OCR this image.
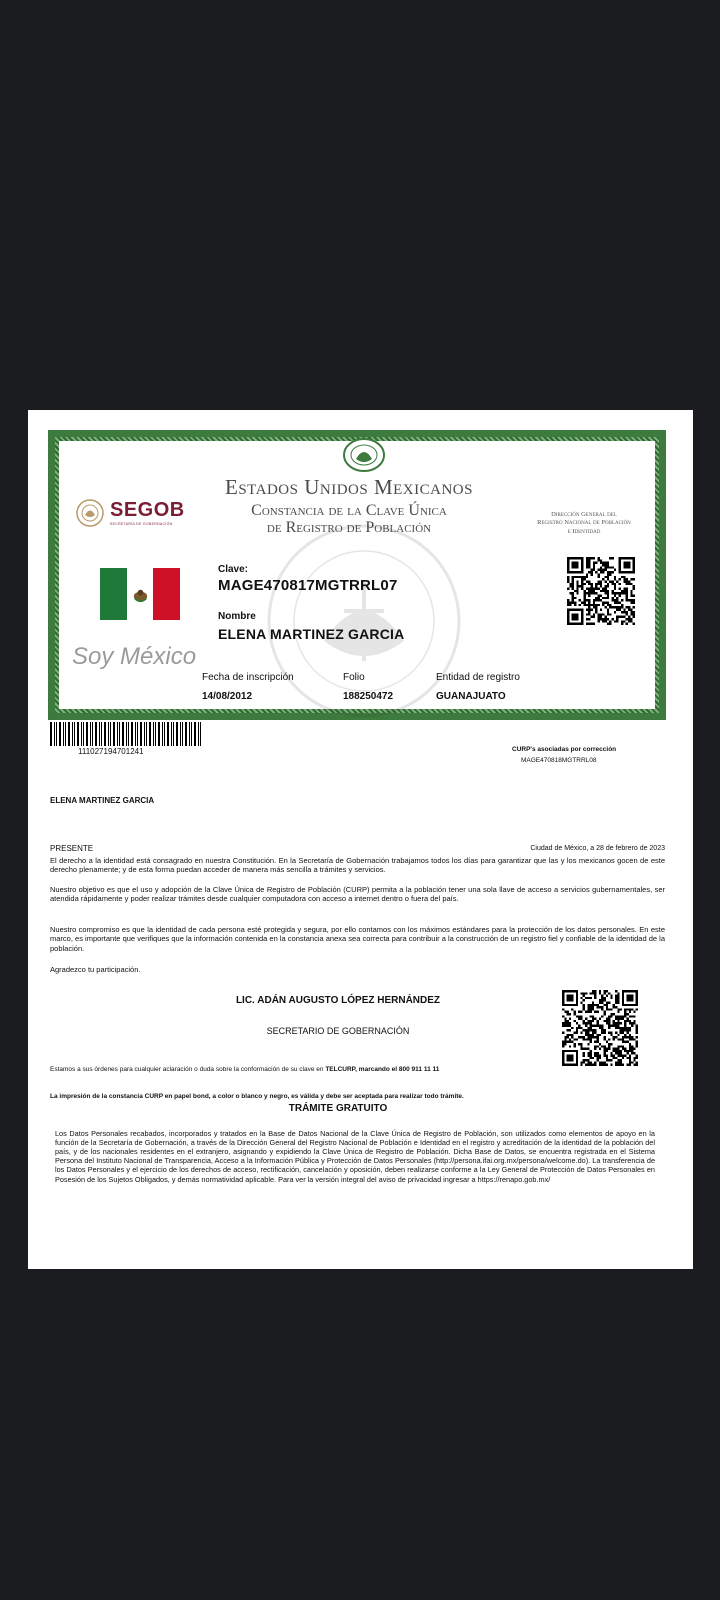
Estados Unidos Mexicanos
Constancia de la Clave Única
de Registro de Población
SEGOB
SECRETARÍA DE GOBERNACIÓN
Dirección General del
Registro Nacional de Población
e Identidad
Clave:
MAGE470817MGTRRL07
Nombre
ELENA MARTINEZ GARCIA
Soy México
Fecha de inscripción
14/08/2012
Folio
188250472
Entidad de registro
GUANAJUATO
111027194701241	CURP's asociadas por corrección
MAGE470818MGTRRL08
ELENA MARTINEZ GARCIA
PRESENTE	Ciudad de México, a 28 de febrero de 2023
El derecho a la identidad está consagrado en nuestra Constitución. En la Secretaría de Gobernación trabajamos todos los días para garantizar que las y los mexicanos gocen de este derecho plenamente; y de esta forma puedan acceder de manera más sencilla a trámites y servicios.
Nuestro objetivo es que el uso y adopción de la Clave Única de Registro de Población (CURP) permita a la población tener una sola llave de acceso a servicios gubernamentales, ser atendida rápidamente y poder realizar trámites desde cualquier computadora con acceso a internet dentro o fuera del país.
Nuestro compromiso es que la identidad de cada persona esté protegida y segura, por ello contamos con los máximos estándares para la protección de los datos personales. En este marco, es importante que verifiques que la información contenida en la constancia anexa sea correcta para contribuir a la construcción de un registro fiel y confiable de la identidad de la población.
Agradezco tu participación.
LIC. ADÁN AUGUSTO LÓPEZ HERNÁNDEZ
SECRETARIO DE GOBERNACIÓN
Estamos a sus órdenes para cualquier aclaración o duda sobre la conformación de su clave en TELCURP, marcando el 800 911 11 11
La impresión de la constancia CURP en papel bond, a color o blanco y negro, es válida y debe ser aceptada para realizar todo trámite.
TRÁMITE GRATUITO
Los Datos Personales recabados, incorporados y tratados en la Base de Datos Nacional de la Clave Única de Registro de Población, son utilizados como elementos de apoyo en la función de la Secretaría de Gobernación, a través de la Dirección General del Registro Nacional de Población e Identidad en el registro y acreditación de la identidad de la población del país, y de los nacionales residentes en el extranjero, asignando y expidiendo la Clave Única de Registro de Población. Dicha Base de Datos, se encuentra registrada en el Sistema Persona del Instituto Nacional de Transparencia, Acceso a la Información Pública y Protección de Datos Personales (http://persona.ifai.org.mx/persona/welcome.do). La transferencia de los Datos Personales y el ejercicio de los derechos de acceso, rectificación, cancelación y oposición, deben realizarse conforme a la Ley General de Protección de Datos Personales en Posesión de los Sujetos Obligados, y demás normatividad aplicable. Para ver la versión integral del aviso de privacidad ingresar a https://renapo.gob.mx/
